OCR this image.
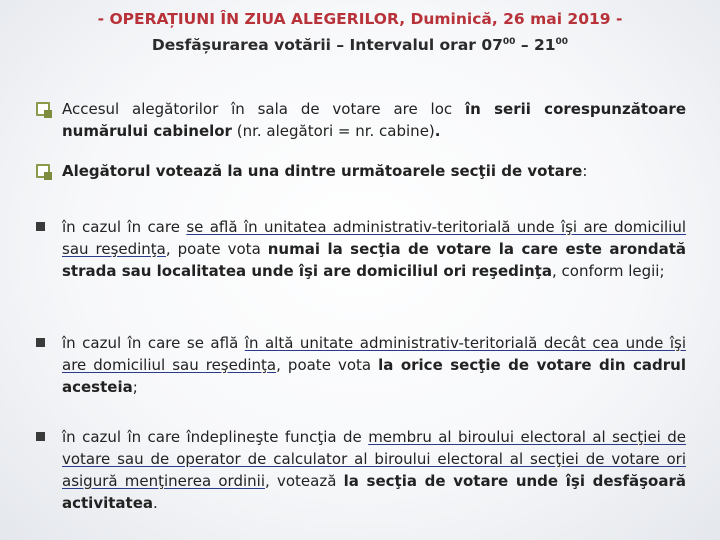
- OPERAȚIUNI ÎN ZIUA ALEGERILOR, Duminică, 26 mai 2019 -
Desfășurarea votării – Intervalul orar $07^{00} - 21^{00}$
Accesul alegătorilor în sala de votare are loc în serii corespunzătoare numărului cabinelor (nr. alegători = nr. cabine).
Alegătorul votează la una dintre următoarele secţii de votare:
în cazul în care se află în unitatea administrativ-teritorială unde îşi are domiciliul sau reşedinţa, poate vota numai la secţia de votare la care este arondată strada sau localitatea unde îşi are domiciliul ori reşedinţa, conform legii;
în cazul în care se află în altă unitate administrativ-teritorială decât cea unde îşi are domiciliul sau reşedinţa, poate vota la orice secţie de votare din cadrul acesteia;
în cazul în care îndeplineşte funcţia de membru al biroului electoral al secţiei de votare sau de operator de calculator al biroului electoral al secţiei de votare ori asigură menţinerea ordinii, votează la secţia de votare unde îşi desfăşoară activitatea.
